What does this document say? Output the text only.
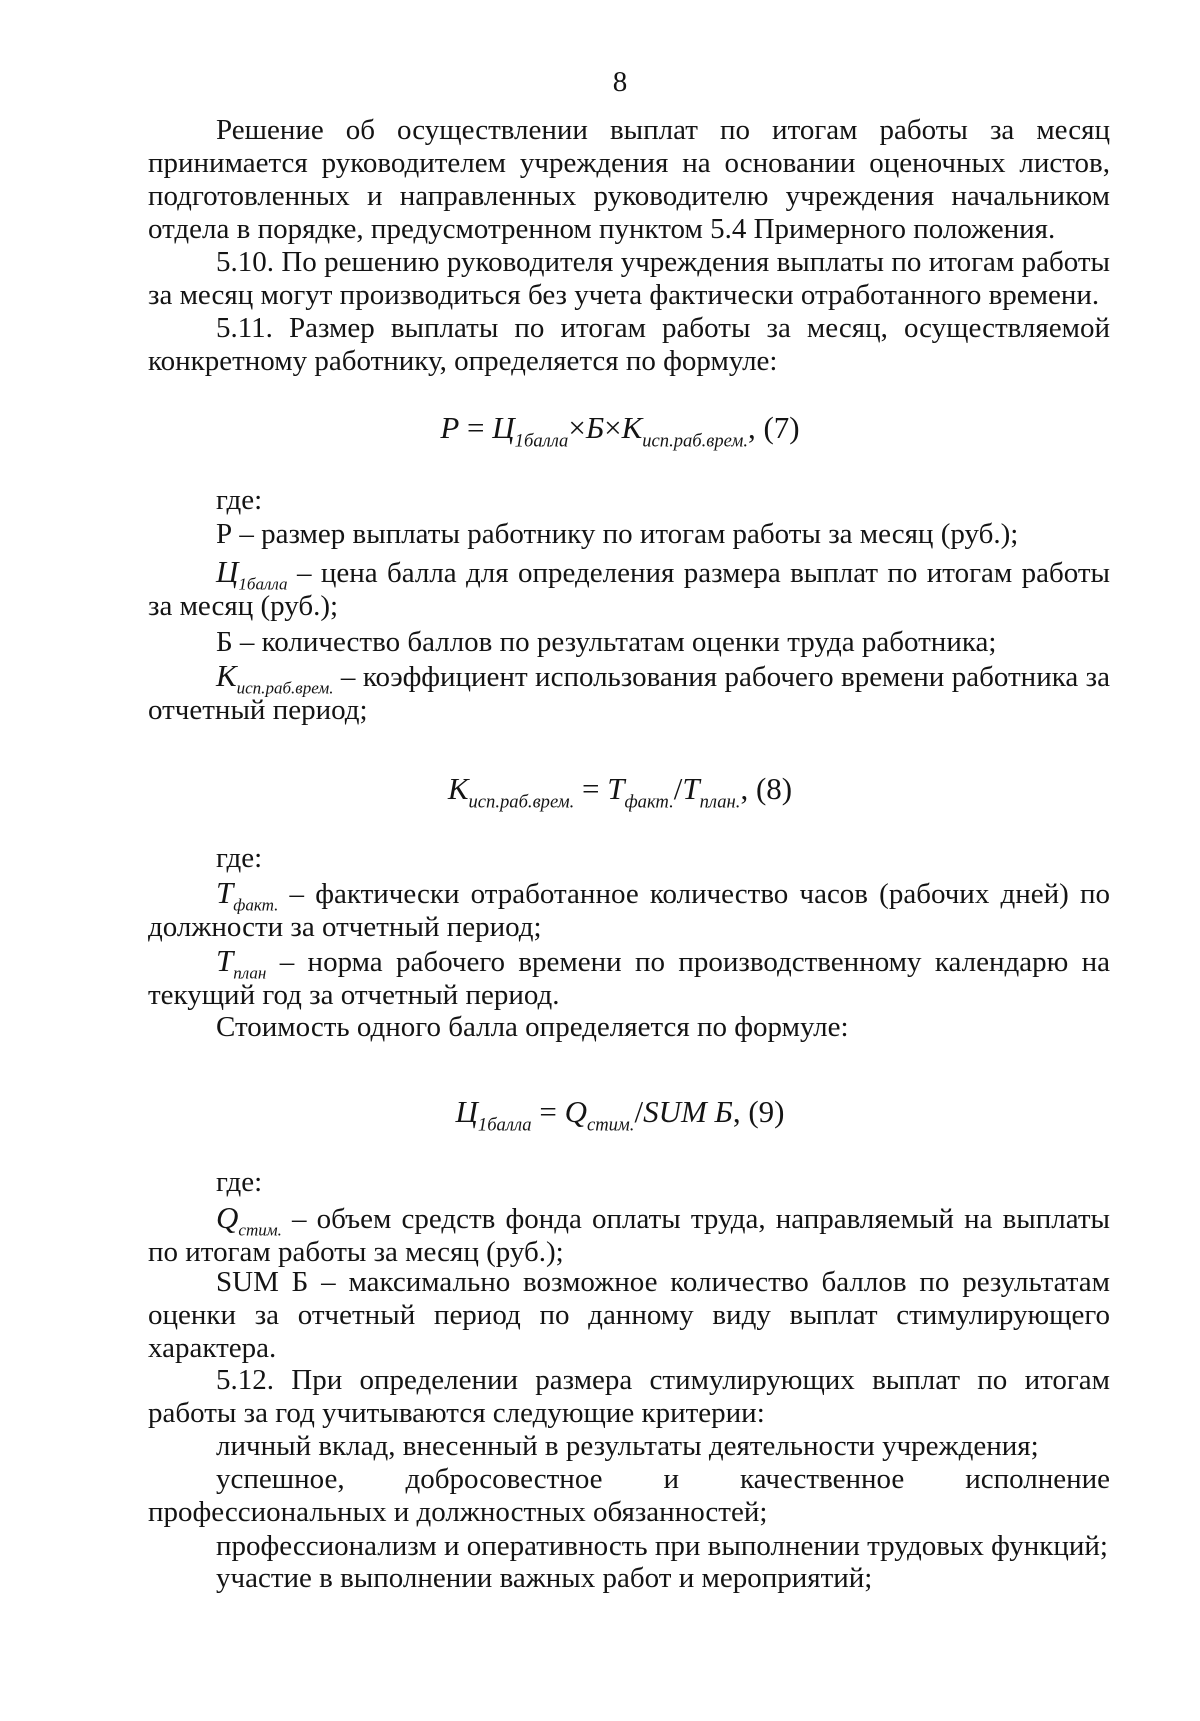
8

Решение об осуществлении выплат по итогам работы за месяц принимается руководителем учреждения на основании оценочных листов, подготовленных и направленных руководителю учреждения начальником отдела в порядке, предусмотренном пунктом 5.4 Примерного положения.

5.10. По решению руководителя учреждения выплаты по итогам работы за месяц могут производиться без учета фактически отработанного времени.

5.11. Размер выплаты по итогам работы за месяц, осуществляемой конкретному работнику, определяется по формуле:

$Р = Ц_{1балла}\times Б\times К_{исп.раб.врем.}$, (7)
где:
Р – размер выплаты работнику по итогам работы за месяц (руб.);

$Ц_{1балла}$ – цена балла для определения размера выплат по итогам работы за месяц (руб.);

Б – количество баллов по результатам оценки труда работника;

$К_{исп.раб.врем.}$ – коэффициент использования рабочего времени работника за отчетный период;

$К_{исп.раб.врем.} = Т_{факт.}/Т_{план.}$, (8)
где:

$Т_{факт.}$ – фактически отработанное количество часов (рабочих дней) по должности за отчетный период;

$Т_{план}$ – норма рабочего времени по производственному календарю на текущий год за отчетный период.

Стоимость одного балла определяется по формуле:
$Ц_{1балла} = Q_{стим.}/SUM$ Б, (9)
где:

$Q_{стим.}$ – объем средств фонда оплаты труда, направляемый на выплаты по итогам работы за месяц (руб.);

SUM Б – максимально возможное количество баллов по результатам оценки за отчетный период по данному виду выплат стимулирующего характера.

5.12. При определении размера стимулирующих выплат по итогам работы за год учитываются следующие критерии:

личный вклад, внесенный в результаты деятельности учреждения;

успешное, добросовестное и качественное исполнение профессиональных и должностных обязанностей;

профессионализм и оперативность при выполнении трудовых функций;
участие в выполнении важных работ и мероприятий;
